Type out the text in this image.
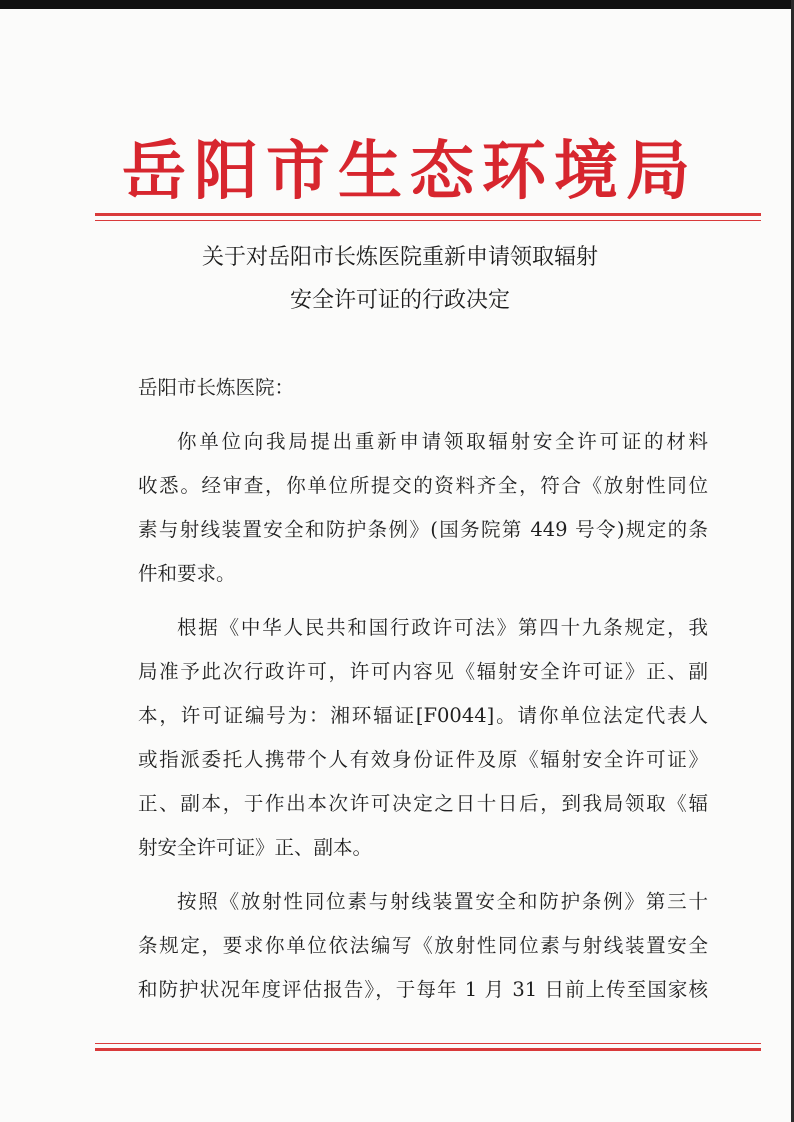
岳阳市生态环境局
关于对岳阳市长炼医院重新申请领取辐射
安全许可证的行政决定
岳阳市长炼医院：
你单位向我局提出重新申请领取辐射安全许可证的材料
收悉。经审查，你单位所提交的资料齐全，符合《放射性同位
素与射线装置安全和防护条例》(国务院第 449 号令)规定的条
件和要求。
根据《中华人民共和国行政许可法》第四十九条规定，我
局准予此次行政许可，许可内容见《辐射安全许可证》正、副
本，许可证编号为：湘环辐证[F0044]。请你单位法定代表人
或指派委托人携带个人有效身份证件及原《辐射安全许可证》
正、副本，于作出本次许可决定之日十日后，到我局领取《辐
射安全许可证》正、副本。
按照《放射性同位素与射线装置安全和防护条例》第三十
条规定，要求你单位依法编写《放射性同位素与射线装置安全
和防护状况年度评估报告》，于每年 1 月 31 日前上传至国家核
